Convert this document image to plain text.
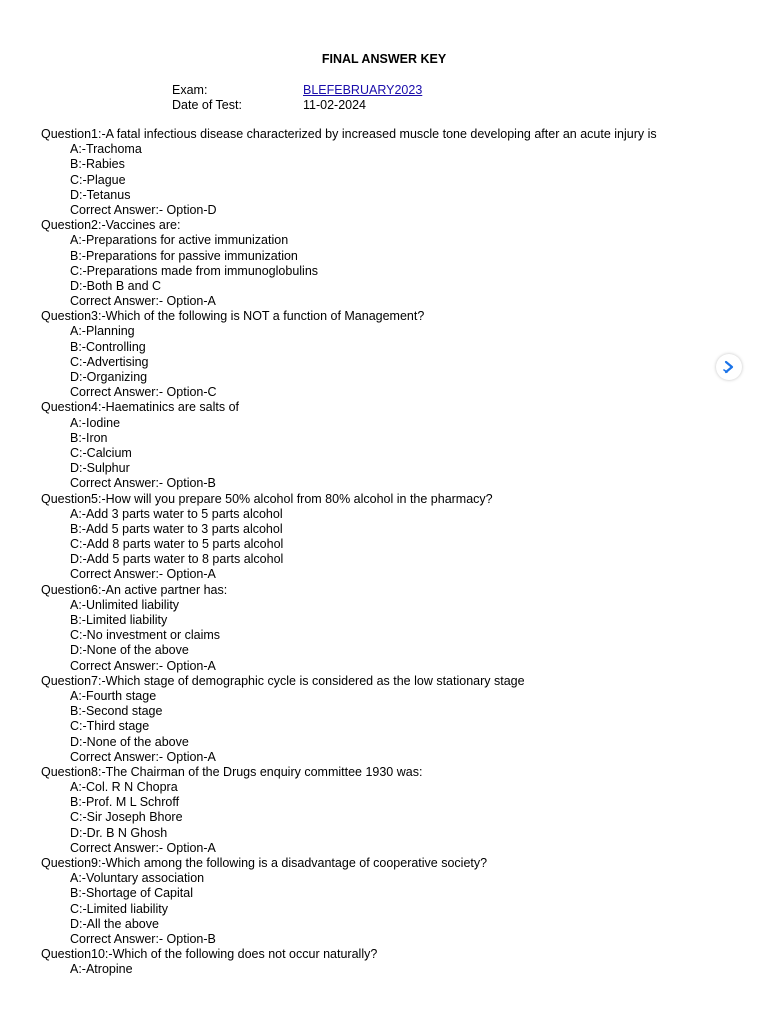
FINAL ANSWER KEY
Exam:	BLEFEBRUARY2023
Date of Test:	11-02-2024
Question1:-A fatal infectious disease characterized by increased muscle tone developing after an acute injury is
A:-Trachoma
B:-Rabies
C:-Plague
D:-Tetanus
Correct Answer:- Option-D
Question2:-Vaccines are:
A:-Preparations for active immunization
B:-Preparations for passive immunization
C:-Preparations made from immunoglobulins
D:-Both B and C
Correct Answer:- Option-A
Question3:-Which of the following is NOT a function of Management?
A:-Planning
B:-Controlling
C:-Advertising
D:-Organizing
Correct Answer:- Option-C
Question4:-Haematinics are salts of
A:-Iodine
B:-Iron
C:-Calcium
D:-Sulphur
Correct Answer:- Option-B
Question5:-How will you prepare 50% alcohol from 80% alcohol in the pharmacy?
A:-Add 3 parts water to 5 parts alcohol
B:-Add 5 parts water to 3 parts alcohol
C:-Add 8 parts water to 5 parts alcohol
D:-Add 5 parts water to 8 parts alcohol
Correct Answer:- Option-A
Question6:-An active partner has:
A:-Unlimited liability
B:-Limited liability
C:-No investment or claims
D:-None of the above
Correct Answer:- Option-A
Question7:-Which stage of demographic cycle is considered as the low stationary stage
A:-Fourth stage
B:-Second stage
C:-Third stage
D:-None of the above
Correct Answer:- Option-A
Question8:-The Chairman of the Drugs enquiry committee 1930 was:
A:-Col. R N Chopra
B:-Prof. M L Schroff
C:-Sir Joseph Bhore
D:-Dr. B N Ghosh
Correct Answer:- Option-A
Question9:-Which among the following is a disadvantage of cooperative society?
A:-Voluntary association
B:-Shortage of Capital
C:-Limited liability
D:-All the above
Correct Answer:- Option-B
Question10:-Which of the following does not occur naturally?
A:-Atropine
